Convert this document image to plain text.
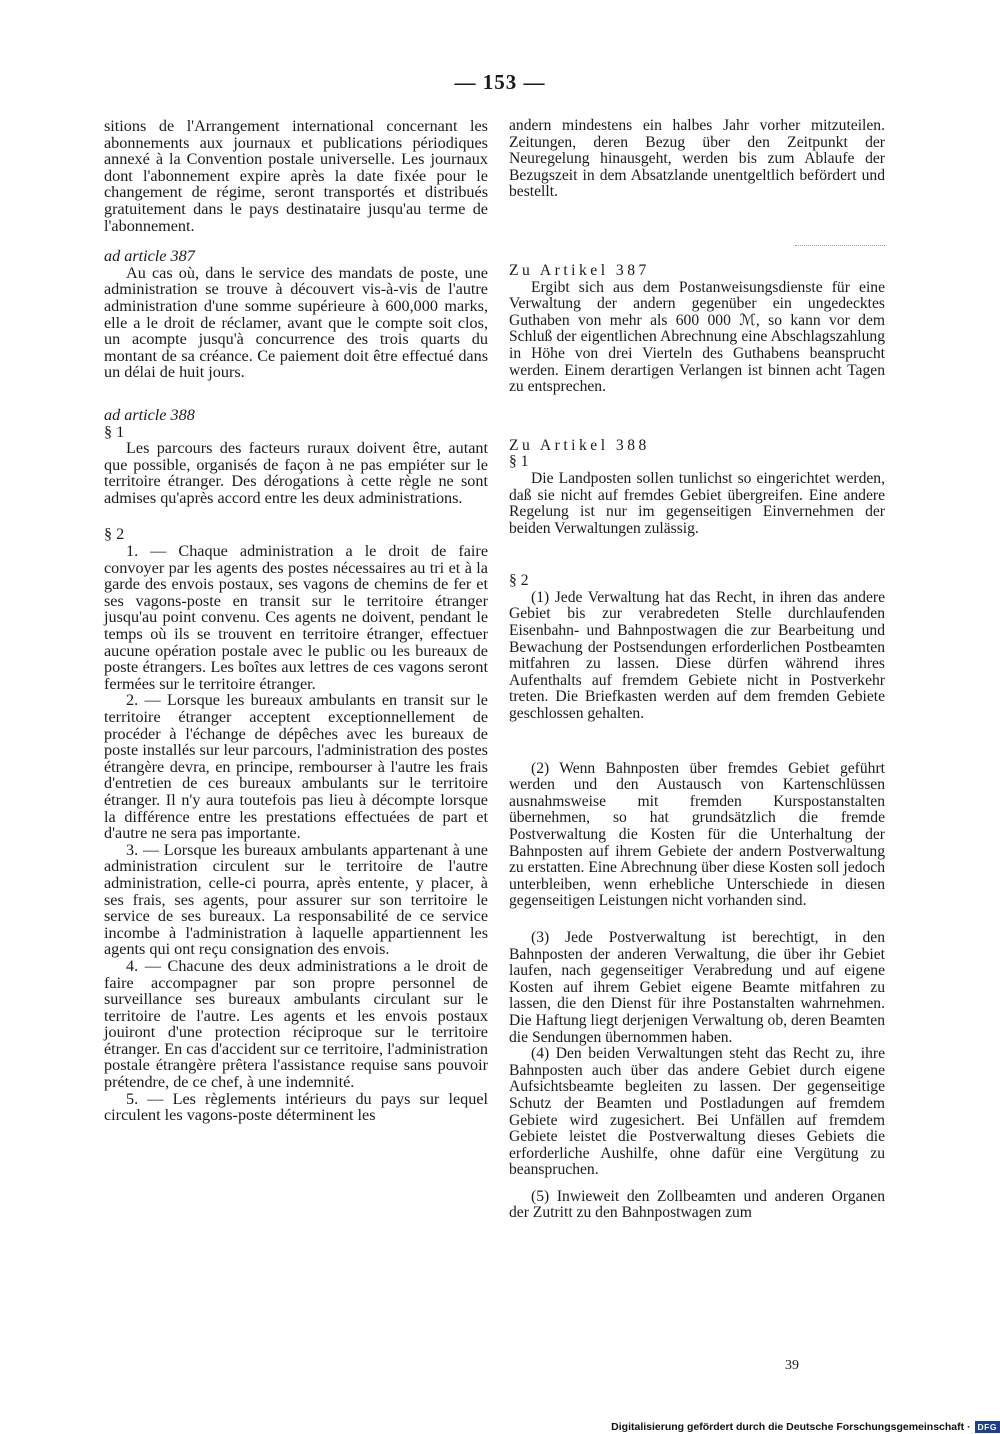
— 153 —

sitions de l'Arrangement international concernant les abonnements aux journaux et publications périodiques annexé à la Convention postale universelle. Les journaux dont l'abonnement expire après la date fixée pour le changement de régime, seront transportés et distribués gratuitement dans le pays destinataire jusqu'au terme de l'abonnement.

ad article 387

Au cas où, dans le service des mandats de poste, une administration se trouve à découvert vis-à-vis de l'autre administration d'une somme supérieure à 600,000 marks, elle a le droit de réclamer, avant que le compte soit clos, un acompte jusqu'à concurrence des trois quarts du montant de sa créance. Ce paiement doit être effectué dans un délai de huit jours.

ad article 388

§ 1

Les parcours des facteurs ruraux doivent être, autant que possible, organisés de façon à ne pas empiéter sur le territoire étranger. Des dérogations à cette règle ne sont admises qu'après accord entre les deux administrations.

§ 2

1. — Chaque administration a le droit de faire convoyer par les agents des postes nécessaires au tri et à la garde des envois postaux, ses vagons de chemins de fer et ses vagons-poste en transit sur le territoire étranger jusqu'au point convenu. Ces agents ne doivent, pendant le temps où ils se trouvent en territoire étranger, effectuer aucune opération postale avec le public ou les bureaux de poste étrangers. Les boîtes aux lettres de ces vagons seront fermées sur le territoire étranger.

2. — Lorsque les bureaux ambulants en transit sur le territoire étranger acceptent exceptionnellement de procéder à l'échange de dépêches avec les bureaux de poste installés sur leur parcours, l'administration des postes étrangère devra, en principe, rembourser à l'autre les frais d'entretien de ces bureaux ambulants sur le territoire étranger. Il n'y aura toutefois pas lieu à décompte lorsque la différence entre les prestations effectuées de part et d'autre ne sera pas importante.

3. — Lorsque les bureaux ambulants appartenant à une administration circulent sur le territoire de l'autre administration, celle-ci pourra, après entente, y placer, à ses frais, ses agents, pour assurer sur son territoire le service de ses bureaux. La responsabilité de ce service incombe à l'administration à laquelle appartiennent les agents qui ont reçu consignation des envois.

4. — Chacune des deux administrations a le droit de faire accompagner par son propre personnel de surveillance ses bureaux ambulants circulant sur le territoire de l'autre. Les agents et les envois postaux jouiront d'une protection réciproque sur le territoire étranger. En cas d'accident sur ce territoire, l'administration postale étrangère prêtera l'assistance requise sans pouvoir prétendre, de ce chef, à une indemnité.

5. — Les règlements intérieurs du pays sur lequel circulent les vagons-poste déterminent les

andern mindestens ein halbes Jahr vorher mitzuteilen. Zeitungen, deren Bezug über den Zeitpunkt der Neuregelung hinausgeht, werden bis zum Ablaufe der Bezugszeit in dem Absatzlande unentgeltlich befördert und bestellt.

Zu Artikel 387

Ergibt sich aus dem Postanweisungsdienste für eine Verwaltung der andern gegenüber ein ungedecktes Guthaben von mehr als 600 000 ℳ, so kann vor dem Schluß der eigentlichen Abrechnung eine Abschlagszahlung in Höhe von drei Vierteln des Guthabens beansprucht werden. Einem derartigen Verlangen ist binnen acht Tagen zu entsprechen.

Zu Artikel 388

§ 1

Die Landposten sollen tunlichst so eingerichtet werden, daß sie nicht auf fremdes Gebiet übergreifen. Eine andere Regelung ist nur im gegenseitigen Einvernehmen der beiden Verwaltungen zulässig.

§ 2

(1) Jede Verwaltung hat das Recht, in ihren das andere Gebiet bis zur verabredeten Stelle durchlaufenden Eisenbahn- und Bahnpostwagen die zur Bearbeitung und Bewachung der Postsendungen erforderlichen Postbeamten mitfahren zu lassen. Diese dürfen während ihres Aufenthalts auf fremdem Gebiete nicht in Postverkehr treten. Die Briefkasten werden auf dem fremden Gebiete geschlossen gehalten.

(2) Wenn Bahnposten über fremdes Gebiet geführt werden und den Austausch von Kartenschlüssen ausnahmsweise mit fremden Kurspostanstalten übernehmen, so hat grundsätzlich die fremde Postverwaltung die Kosten für die Unterhaltung der Bahnposten auf ihrem Gebiete der andern Postverwaltung zu erstatten. Eine Abrechnung über diese Kosten soll jedoch unterbleiben, wenn erhebliche Unterschiede in diesen gegenseitigen Leistungen nicht vorhanden sind.

(3) Jede Postverwaltung ist berechtigt, in den Bahnposten der anderen Verwaltung, die über ihr Gebiet laufen, nach gegenseitiger Verabredung und auf eigene Kosten auf ihrem Gebiet eigene Beamte mitfahren zu lassen, die den Dienst für ihre Postanstalten wahrnehmen. Die Haftung liegt derjenigen Verwaltung ob, deren Beamten die Sendungen übernommen haben.

(4) Den beiden Verwaltungen steht das Recht zu, ihre Bahnposten auch über das andere Gebiet durch eigene Aufsichtsbeamte begleiten zu lassen. Der gegenseitige Schutz der Beamten und Postladungen auf fremdem Gebiete wird zugesichert. Bei Unfällen auf fremdem Gebiete leistet die Postverwaltung dieses Gebiets die erforderliche Aushilfe, ohne dafür eine Vergütung zu beanspruchen.

(5) Inwieweit den Zollbeamten und anderen Organen der Zutritt zu den Bahnpostwagen zum

39
Digitalisierung gefördert durch die Deutsche Forschungsgemeinschaft · DFG
